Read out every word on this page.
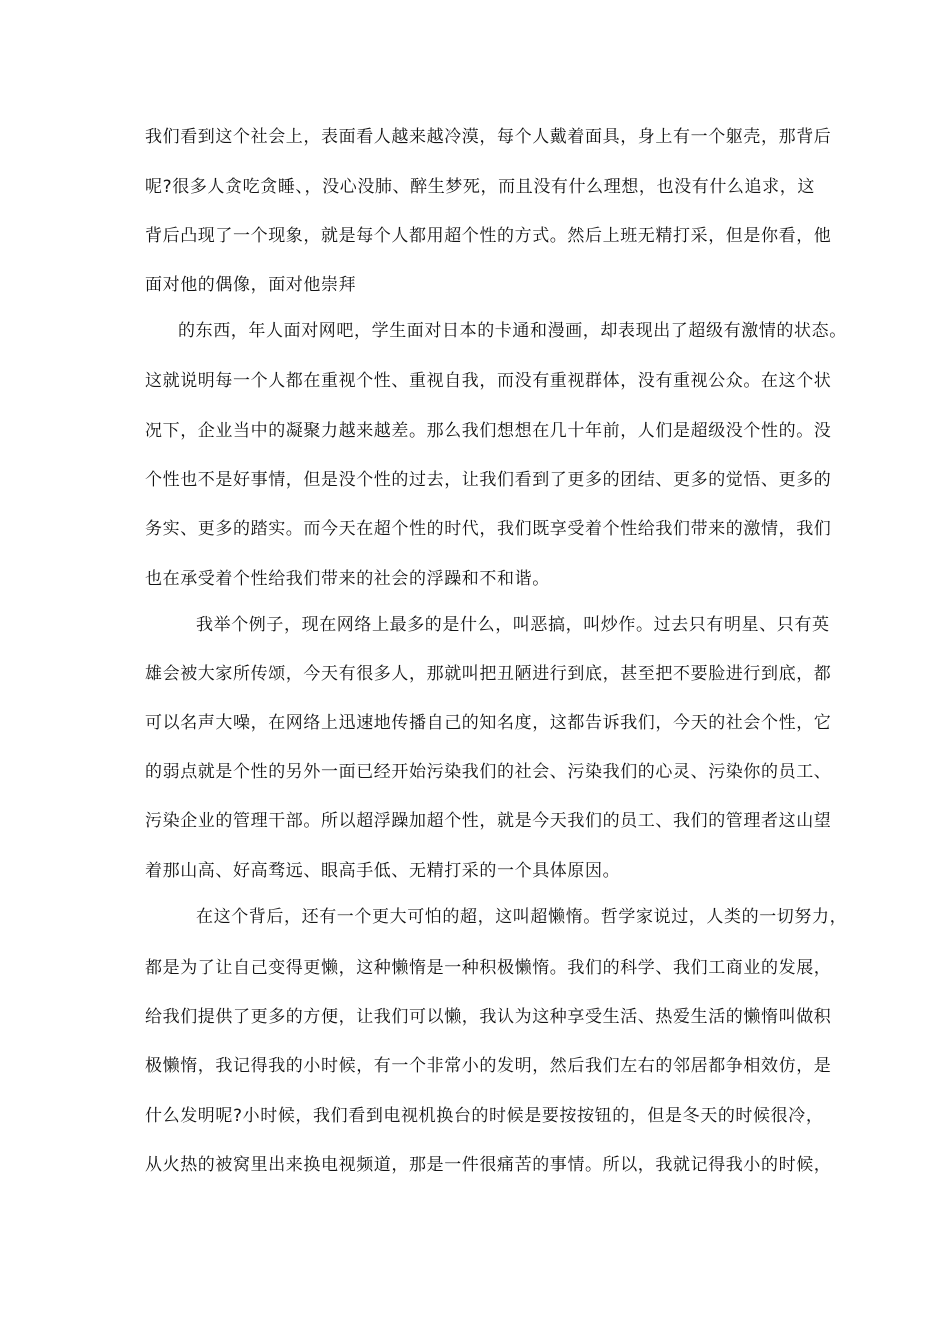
我们看到这个社会上，表面看人越来越冷漠，每个人戴着面具，身上有一个躯壳，那背后
呢?很多人贪吃贪睡、，没心没肺、醉生梦死，而且没有什么理想，也没有什么追求，这
背后凸现了一个现象，就是每个人都用超个性的方式。然后上班无精打采，但是你看，他
面对他的偶像，面对他崇拜
的东西，年人面对网吧，学生面对日本的卡通和漫画，却表现出了超级有激情的状态。
这就说明每一个人都在重视个性、重视自我，而没有重视群体，没有重视公众。在这个状
况下，企业当中的凝聚力越来越差。那么我们想想在几十年前，人们是超级没个性的。没
个性也不是好事情，但是没个性的过去，让我们看到了更多的团结、更多的觉悟、更多的
务实、更多的踏实。而今天在超个性的时代，我们既享受着个性给我们带来的激情，我们
也在承受着个性给我们带来的社会的浮躁和不和谐。
我举个例子，现在网络上最多的是什么，叫恶搞，叫炒作。过去只有明星、只有英
雄会被大家所传颂，今天有很多人，那就叫把丑陋进行到底，甚至把不要脸进行到底，都
可以名声大噪，在网络上迅速地传播自己的知名度，这都告诉我们，今天的社会个性，它
的弱点就是个性的另外一面已经开始污染我们的社会、污染我们的心灵、污染你的员工、
污染企业的管理干部。所以超浮躁加超个性，就是今天我们的员工、我们的管理者这山望
着那山高、好高骛远、眼高手低、无精打采的一个具体原因。
在这个背后，还有一个更大可怕的超，这叫超懒惰。哲学家说过，人类的一切努力，
都是为了让自己变得更懒，这种懒惰是一种积极懒惰。我们的科学、我们工商业的发展，
给我们提供了更多的方便，让我们可以懒，我认为这种享受生活、热爱生活的懒惰叫做积
极懒惰，我记得我的小时候，有一个非常小的发明，然后我们左右的邻居都争相效仿，是
什么发明呢?小时候，我们看到电视机换台的时候是要按按钮的，但是冬天的时候很冷，
从火热的被窝里出来换电视频道，那是一件很痛苦的事情。所以，我就记得我小的时候，
